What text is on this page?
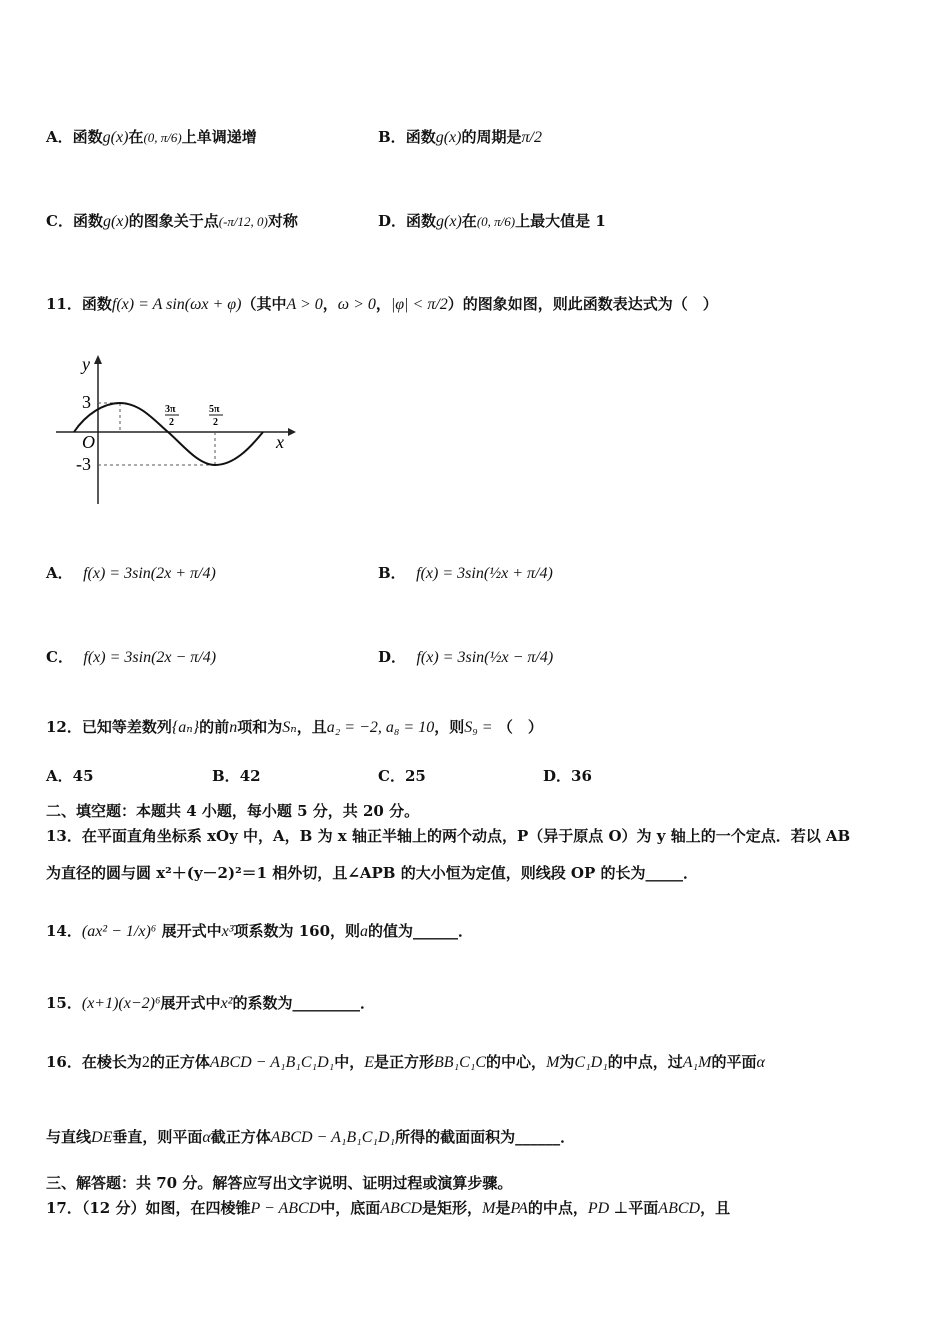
A．函数g(x)在(0, π/6)上单调递增	B．函数g(x)的周期是π/2
C．函数g(x)的图象关于点(-π/12, 0)对称	D．函数g(x)在(0, π/6)上最大值是 1
11．函数f(x) = A sin(ωx + φ)（其中A > 0，ω > 0，|φ| < π/2）的图象如图，则此函数表达式为（　）
y
x
O
3
-3
3π
2
5π
2
A． f(x) = 3sin(2x + π/4)	B． f(x) = 3sin(½x + π/4)
C． f(x) = 3sin(2x − π/4)	D． f(x) = 3sin(½x − π/4)
12．已知等差数列{aₙ}的前n项和为Sₙ，且a₂ = −2, a₈ = 10，则S₉ = （　）
A．45	B．42	C．25	D．36
二、填空题：本题共 4 小题，每小题 5 分，共 20 分。
13．在平面直角坐标系 xOy 中，A，B 为 x 轴正半轴上的两个动点，P（异于原点 O）为 y 轴上的一个定点．若以 AB
为直径的圆与圆 x²＋(y－2)²＝1 相外切，且∠APB 的大小恒为定值，则线段 OP 的长为_____．
14．(ax² − 1/x)⁶ 展开式中x³项系数为 160，则a的值为______．
15．(x+1)(x−2)⁶展开式中x²的系数为_________．
16．在棱长为2的正方体ABCD − A₁B₁C₁D₁中，E是正方形BB₁C₁C的中心，M为C₁D₁的中点，过A₁M的平面α
与直线DE垂直，则平面α截正方体ABCD − A₁B₁C₁D₁所得的截面面积为______．
三、解答题：共 70 分。解答应写出文字说明、证明过程或演算步骤。
17．（12 分）如图，在四棱锥P − ABCD中，底面ABCD是矩形，M是PA的中点，PD ⊥平面ABCD，且
